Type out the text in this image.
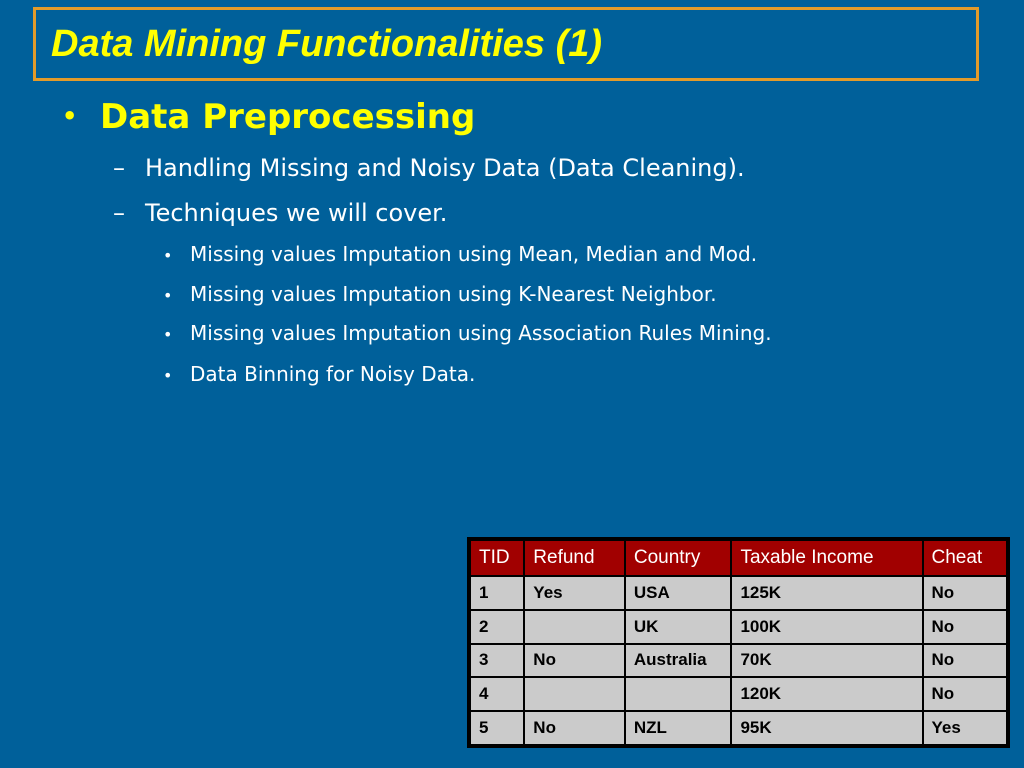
Data Mining Functionalities (1)
• Data Preprocessing
– Handling Missing and Noisy Data (Data Cleaning).
– Techniques we will cover.
• Missing values Imputation using Mean, Median and Mod.
• Missing values Imputation using K-Nearest Neighbor.
• Missing values Imputation using Association Rules Mining.
• Data Binning for Noisy Data.
TID	Refund	Country	Taxable Income	Cheat
1	Yes	USA	125K	No
2		UK	100K	No
3	No	Australia	70K	No
4			120K	No
5	No	NZL	95K	Yes
